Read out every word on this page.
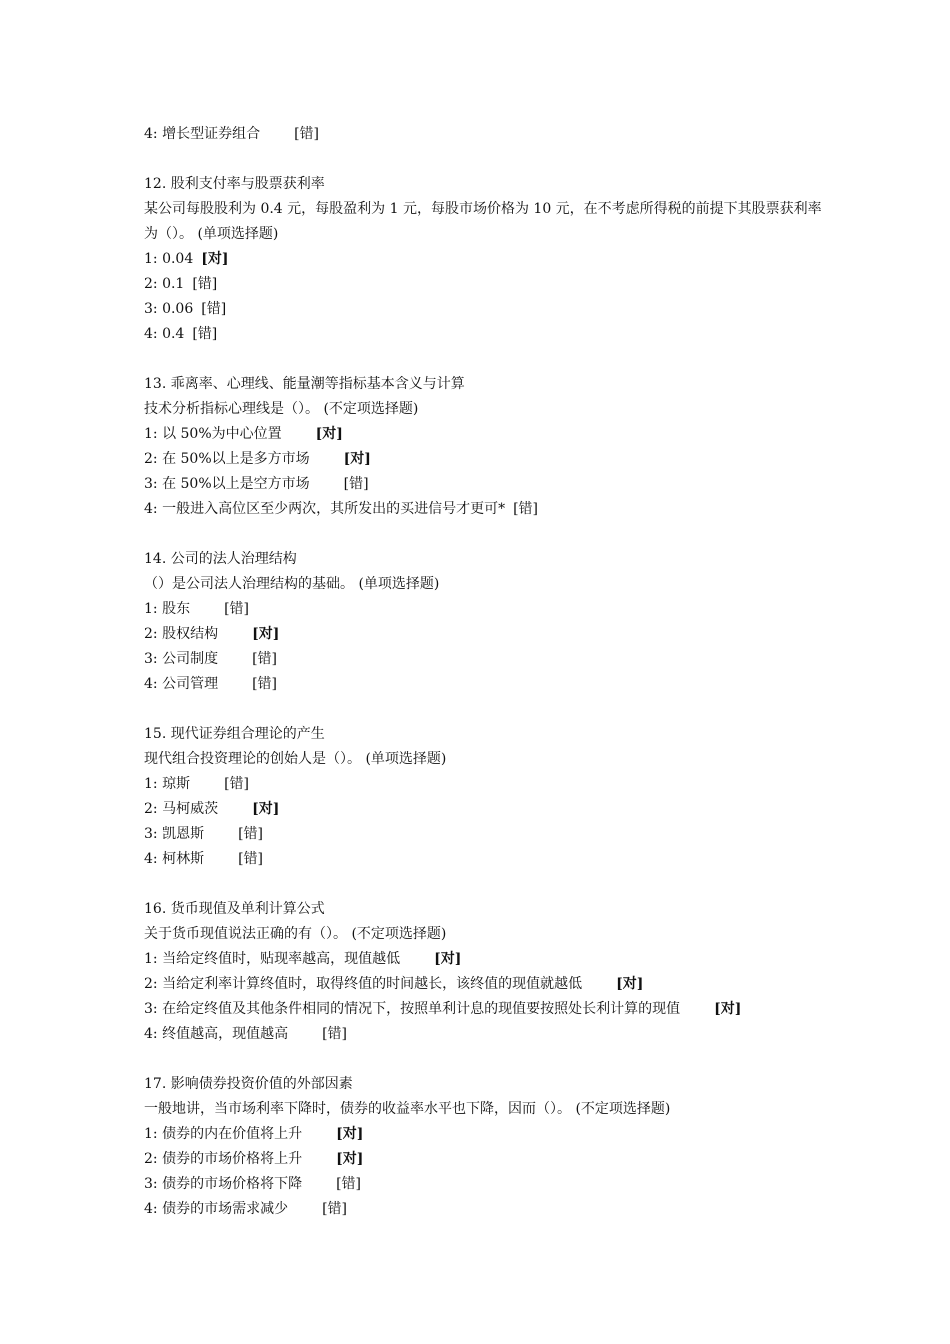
4: 增长型证券组合 [错]
12. 股利支付率与股票获利率
某公司每股股利为 0.4 元，每股盈利为 1 元，每股市场价格为 10 元，在不考虑所得税的前提下其股票获利率为（）。 (单项选择题)
1: 0.04 [对]
2: 0.1 [错]
3: 0.06 [错]
4: 0.4 [错]
13. 乖离率、心理线、能量潮等指标基本含义与计算
技术分析指标心理线是（）。 (不定项选择题)
1: 以 50%为中心位置 [对]
2: 在 50%以上是多方市场 [对]
3: 在 50%以上是空方市场 [错]
4: 一般进入高位区至少两次，其所发出的买进信号才更可* [错]
14. 公司的法人治理结构
（）是公司法人治理结构的基础。 (单项选择题)
1: 股东 [错]
2: 股权结构 [对]
3: 公司制度 [错]
4: 公司管理 [错]
15. 现代证券组合理论的产生
现代组合投资理论的创始人是（）。 (单项选择题)
1: 琼斯 [错]
2: 马柯威茨 [对]
3: 凯恩斯 [错]
4: 柯林斯 [错]
16. 货币现值及单利计算公式
关于货币现值说法正确的有（）。 (不定项选择题)
1: 当给定终值时，贴现率越高，现值越低 [对]
2: 当给定利率计算终值时，取得终值的时间越长，该终值的现值就越低 [对]
3: 在给定终值及其他条件相同的情况下，按照单利计息的现值要按照处长利计算的现值 [对]
4: 终值越高，现值越高 [错]
17. 影响债券投资价值的外部因素
一般地讲，当市场利率下降时，债券的收益率水平也下降，因而（）。 (不定项选择题)
1: 债券的内在价值将上升 [对]
2: 债券的市场价格将上升 [对]
3: 债券的市场价格将下降 [错]
4: 债券的市场需求减少 [错]
